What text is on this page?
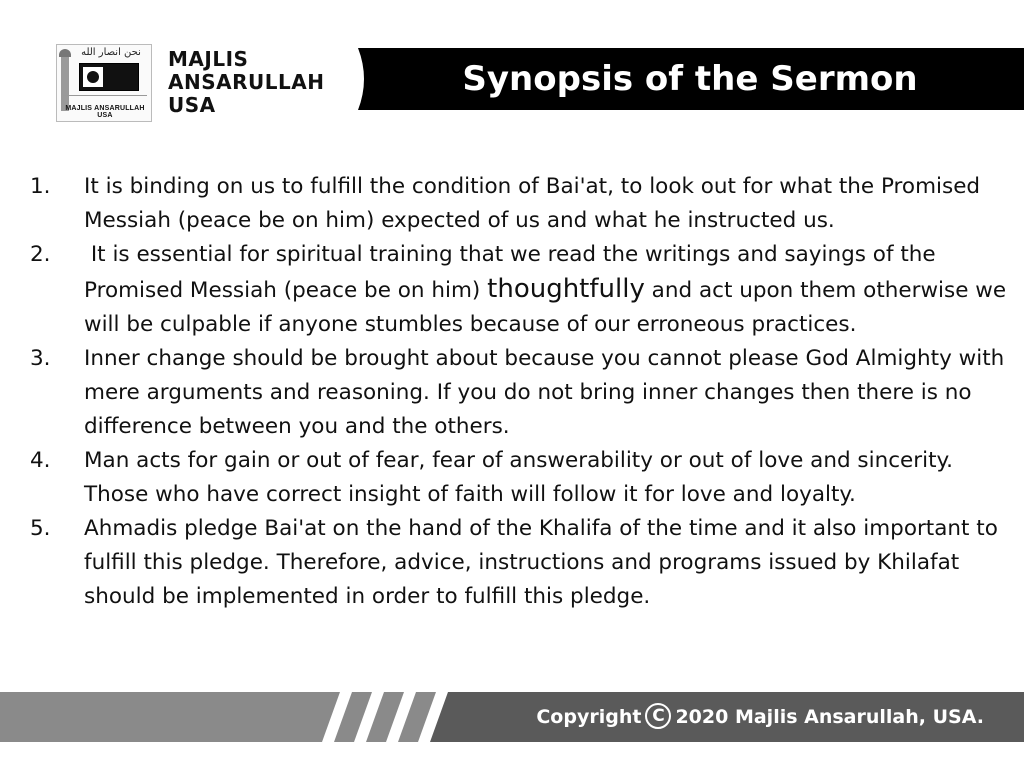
نحن انصار الله
MAJLIS ANSARULLAH USA
MAJLIS
ANSARULLAH
USA
Synopsis of the Sermon
1.	It is binding on us to fulfill the condition of Bai'at, to look out for what the Promised Messiah (peace be on him) expected of us and what he instructed us.
2.	It is essential for spiritual training that we read the writings and sayings of the Promised Messiah (peace be on him) thoughtfully and act upon them otherwise we will be culpable if anyone stumbles because of our erroneous practices.
3.	Inner change should be brought about because you cannot please God Almighty with mere arguments and reasoning. If you do not bring inner changes then there is no difference between you and the others.
4.	Man acts for gain or out of fear, fear of answerability or out of love and sincerity. Those who have correct insight of faith will follow it for love and loyalty.
5.	Ahmadis pledge Bai'at on the hand of the Khalifa of the time and it also important to fulfill this pledge. Therefore, advice, instructions and programs issued by Khilafat should be implemented in order to fulfill this pledge.
Copyright C 2020 Majlis Ansarullah, USA.
